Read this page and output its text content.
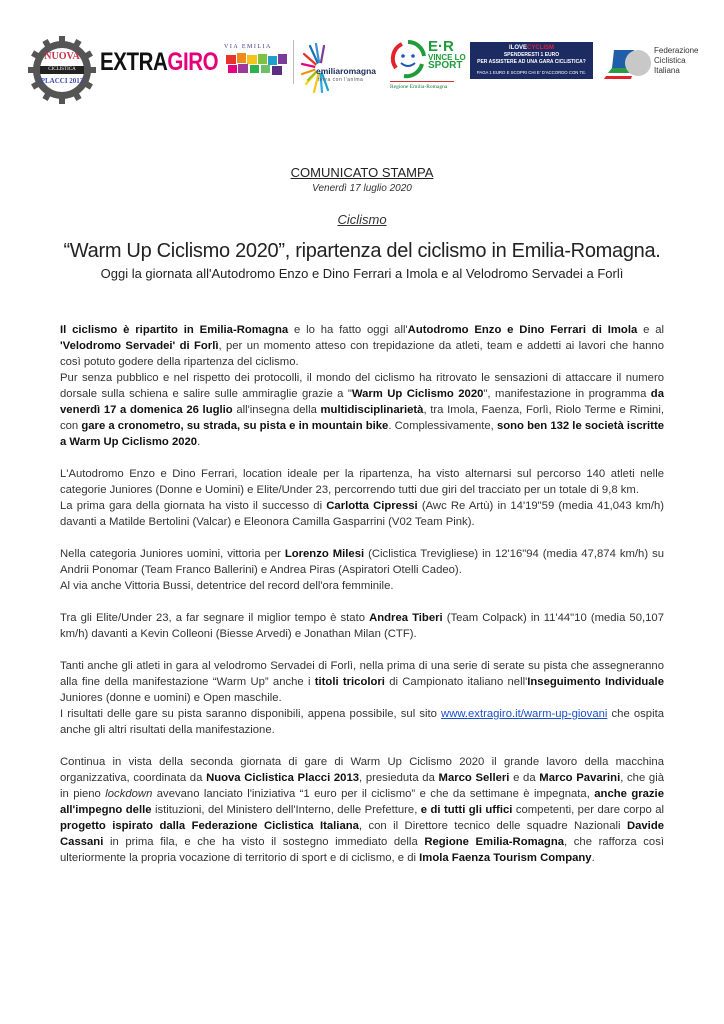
NUOVA
CICLISTICA
PLACCI 2013
EXTRAGIRO
VIA EMILIA
emiliaromagna
terra con l'anima
E·R
VINCE LO
SPORT
Regione Emilia-Romagna
ILOVECYCLISM
SPENDERESTI 1 EURO
PER ASSISTERE AD UNA GARA CICLISTICA?
PAGA 1 EURO E SCOPRI CHI E' D'ACCORDO CON TE.
Federazione
Ciclistica
Italiana
COMUNICATO STAMPA
Venerdì 17 luglio 2020
Ciclismo
“Warm Up Ciclismo 2020”, ripartenza del ciclismo in Emilia-Romagna.
Oggi la giornata all'Autodromo Enzo e Dino Ferrari a Imola e al Velodromo Servadei a Forlì

Il ciclismo è ripartito in Emilia-Romagna e lo ha fatto oggi all'Autodromo Enzo e Dino Ferrari di Imola e al 'Velodromo Servadei' di Forlì, per un momento atteso con trepidazione da atleti, team e addetti ai lavori che hanno così potuto godere della ripartenza del ciclismo.

Pur senza pubblico e nel rispetto dei protocolli, il mondo del ciclismo ha ritrovato le sensazioni di attaccare il numero dorsale sulla schiena e salire sulle ammiraglie grazie a "Warm Up Ciclismo 2020", manifestazione in programma da venerdì 17 a domenica 26 luglio all'insegna della multidisciplinarietà, tra Imola, Faenza, Forlì, Riolo Terme e Rimini, con gare a cronometro, su strada, su pista e in mountain bike. Complessivamente, sono ben 132 le società iscritte a Warm Up Ciclismo 2020.

L'Autodromo Enzo e Dino Ferrari, location ideale per la ripartenza, ha visto alternarsi sul percorso 140 atleti nelle categorie Juniores (Donne e Uomini) e Elite/Under 23, percorrendo tutti due giri del tracciato per un totale di 9,8 km.

La prima gara della giornata ha visto il successo di Carlotta Cipressi (Awc Re Artù) in 14'19"59 (media 41,043 km/h) davanti a Matilde Bertolini (Valcar) e Eleonora Camilla Gasparrini (V02 Team Pink).

Nella categoria Juniores uomini, vittoria per Lorenzo Milesi (Ciclistica Trevigliese) in 12'16"94 (media 47,874 km/h) su Andrii Ponomar (Team Franco Ballerini) e Andrea Piras (Aspiratori Otelli Cadeo).

Al via anche Vittoria Bussi, detentrice del record dell'ora femminile.

Tra gli Elite/Under 23, a far segnare il miglior tempo è stato Andrea Tiberi (Team Colpack) in 11'44"10 (media 50,107 km/h) davanti a Kevin Colleoni (Biesse Arvedi) e Jonathan Milan (CTF).

Tanti anche gli atleti in gara al velodromo Servadei di Forlì, nella prima di una serie di serate su pista che assegneranno alla fine della manifestazione “Warm Up” anche i titoli tricolori di Campionato italiano nell'Inseguimento Individuale Juniores (donne e uomini) e Open maschile.

I risultati delle gare su pista saranno disponibili, appena possibile, sul sito www.extragiro.it/warm-up-giovani che ospita anche gli altri risultati della manifestazione.

Continua in vista della seconda giornata di gare di Warm Up Ciclismo 2020 il grande lavoro della macchina organizzativa, coordinata da Nuova Ciclistica Placci 2013, presieduta da Marco Selleri e da Marco Pavarini, che già in pieno lockdown avevano lanciato l'iniziativa “1 euro per il ciclismo” e che da settimane è impegnata, anche grazie all'impegno delle istituzioni, del Ministero dell'Interno, delle Prefetture, e di tutti gli uffici competenti, per dare corpo al progetto ispirato dalla Federazione Ciclistica Italiana, con il Direttore tecnico delle squadre Nazionali Davide Cassani in prima fila, e che ha visto il sostegno immediato della Regione Emilia-Romagna, che rafforza così ulteriormente la propria vocazione di territorio di sport e di ciclismo, e di Imola Faenza Tourism Company.
